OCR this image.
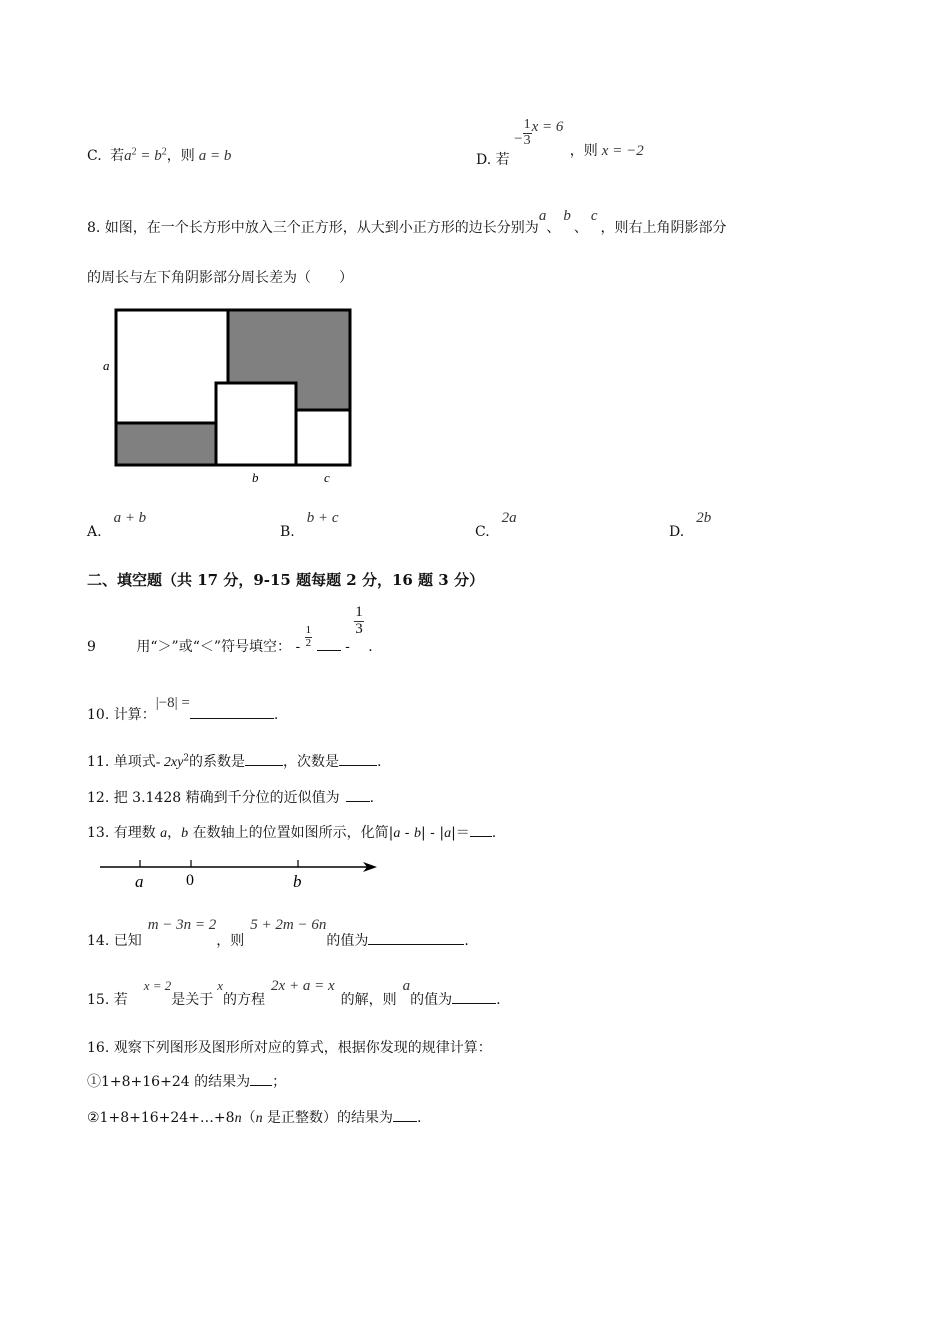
C. 若$a^2 = b^2$，则 a = b	D. 若 − $\frac{1}{3}$ x = 6 ，则 x = −2
8. 如图，在一个长方形中放入三个正方形，从大到小正方形的边长分别为a、b、c，则右上角阴影部分
的周长与左下角阴影部分周长差为（　　）
a
b	c
A.a + b
B.b + c
C.2a
D.2b
二、填空题（共 17 分，9-15 题每题 2 分，16 题 3 分）
9	用“＞”或“＜”符号填空： - $\frac{1}{2}$ -
$\frac{1}{3}$
.
10. 计算：|−8| =.
11. 单项式- $2xy^2$的系数是	，次数是	.
12. 把 3.1428 精确到千分位的近似值为 .
13. 有理数 a，b 在数轴上的位置如图所示，化简|a - b| - |a|＝ .
a	0	b
14. 已知m − 3n = 2，则5 + 2m − 6n的值为	.
15. 若x = 2是关于x的方程2x + a = x的解，则a的值为	.
16. 观察下列图形及图形所对应的算式，根据你发现的规律计算：
①1+8+16+24 的结果为 ；
②1+8+16+24+…+8n（n 是正整数）的结果为 .
